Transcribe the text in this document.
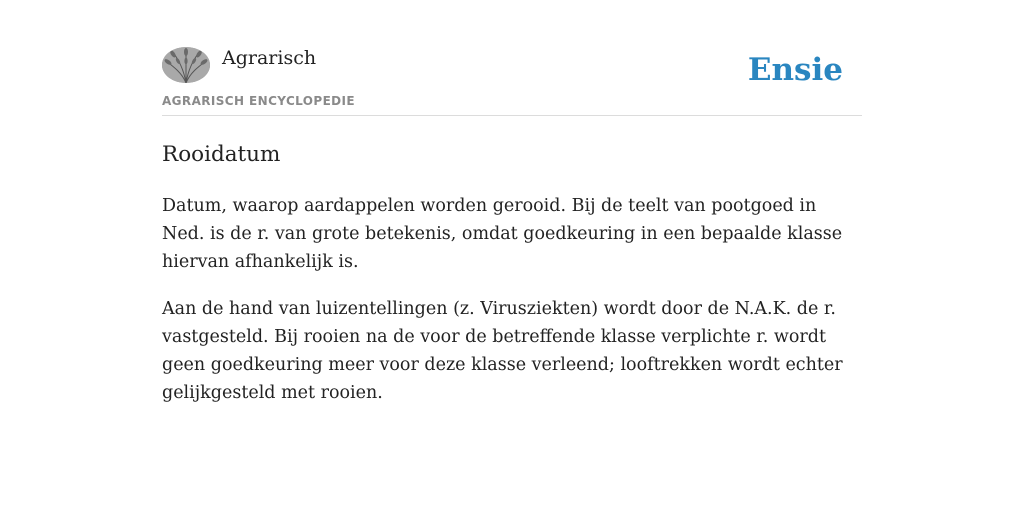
Agrarisch
AGRARISCH ENCYCLOPEDIE
Ensie
Rooidatum

Datum, waarop aardappelen worden gerooid. Bij de teelt van pootgoed in Ned. is de r. van grote betekenis, omdat goedkeuring in een bepaalde klasse hiervan afhankelijk is.

Aan de hand van luizentellingen (z. Virusziekten) wordt door de N.A.K. de r. vastgesteld. Bij rooien na de voor de betreffende klasse verplichte r. wordt geen goedkeuring meer voor deze klasse verleend; looftrekken wordt echter gelijkgesteld met rooien.
